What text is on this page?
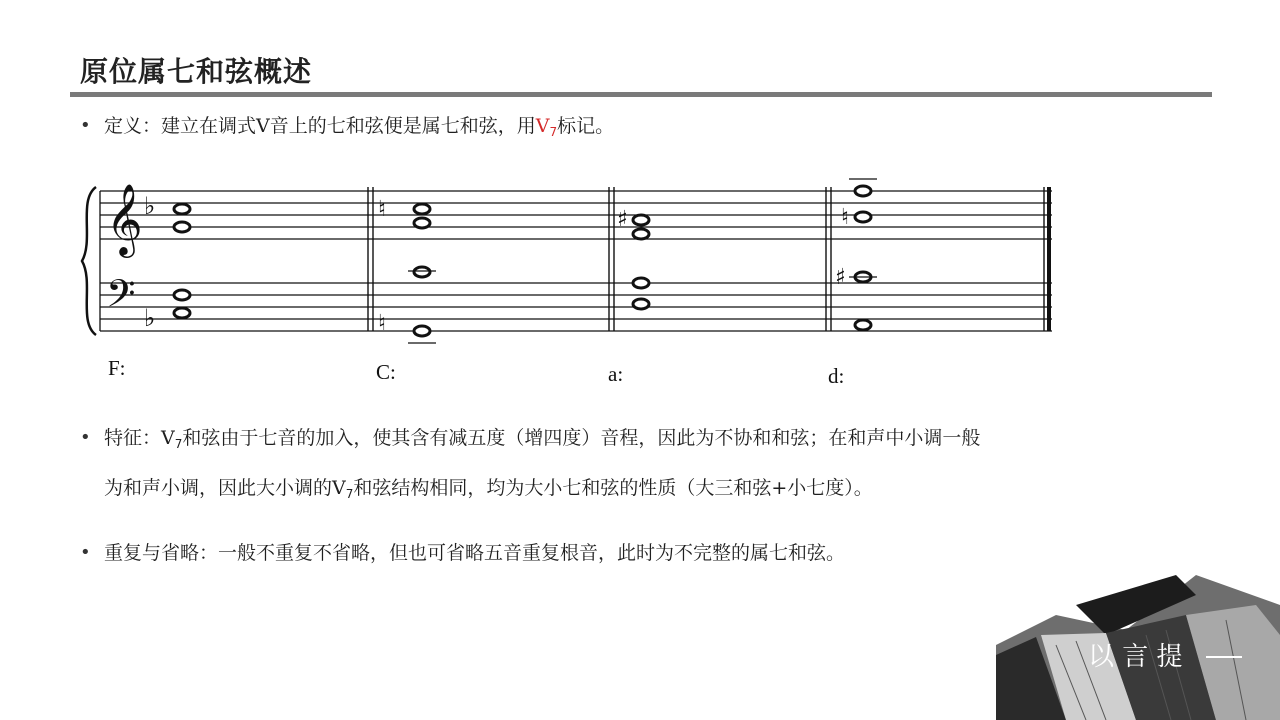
原位属七和弦概述
• 定义：建立在调式Ⅴ音上的七和弦便是属七和弦，用$Ⅴ_7$标记。
𝄞
𝄢
♭
♭
♮
♮
♯	♮
♯
F:	C:	a:	d:
• 特征：$Ⅴ_7$和弦由于七音的加入，使其含有减五度（增四度）音程，因此为不协和和弦；在和声中小调一般
为和声小调，因此大小调的$Ⅴ_7$和弦结构相同，均为大小七和弦的性质（大三和弦+小七度）。
• 重复与省略：一般不重复不省略，但也可省略五音重复根音，此时为不完整的属七和弦。
以 言 提
